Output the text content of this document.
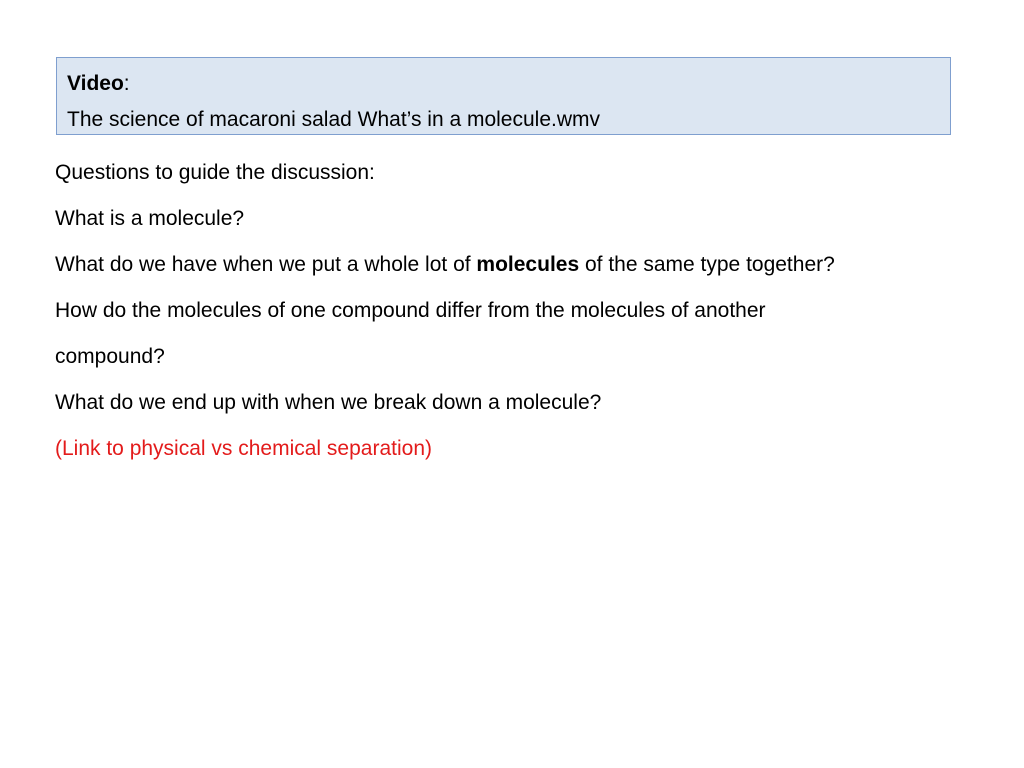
Video:
The science of macaroni salad What’s in a molecule.wmv

Questions to guide the discussion:

What is a molecule?

What do we have when we put a whole lot of molecules of the same type together?

How do the molecules of one compound differ from the molecules of another

compound?

What do we end up with when we break down a molecule?

(Link to physical vs chemical separation)
